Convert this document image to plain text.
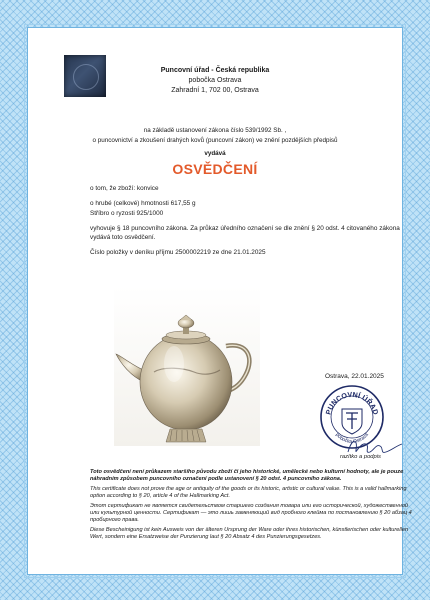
Puncovní úřad - Česká republika
pobočka Ostrava
Zahradní 1, 702 00, Ostrava
na základě ustanovení zákona číslo 539/1992 Sb. ,
o puncovnictví a zkoušení drahých kovů (puncovní zákon) ve znění pozdějších předpisů
vydává
OSVĚDČENÍ

o tom, že zboží: konvice

o hrubé (celkové) hmotnosti 617,55 g

Stříbro o ryzosti 925/1000

vyhovuje § 18 puncovního zákona. Za průkaz úředního označení se dle znění § 20 odst. 4 citovaného zákona vydává toto osvědčení.

Číslo položky v deníku příjmu 2500002219 ze dne 21.01.2025

Ostrava, 22.01.2025
PUNCOVNÍ ÚŘAD
pobočka Ostrava
razítko a podpis

Toto osvědčení není průkazem staršího původu zboží či jeho historické, umělecké nebo kulturní hodnoty, ale je pouze náhradním způsobem puncovního označení podle ustanovení § 20 odst. 4 puncovního zákona.

This certificate does not prove the age or antiquity of the goods or its historic, artistic or cultural value. This is a valid hallmarking option according to § 20, article 4 of the Hallmarking Act.

Этот сертификат не является свидетельством старшего создания товара или его исторической, художественной или культурной ценности. Сертификат — это лишь заменяющий вид пробного клейма по постановлению § 20 абзац 4 пробирного права.

Diese Bescheinigung ist kein Ausweis von der älteren Ursprung der Ware oder ihres historischen, künstlerischen oder kulturellen Wert, sondern eine Ersatzweise der Punzierung laut § 20 Absatz 4 des Punzierungsgesetzes.
